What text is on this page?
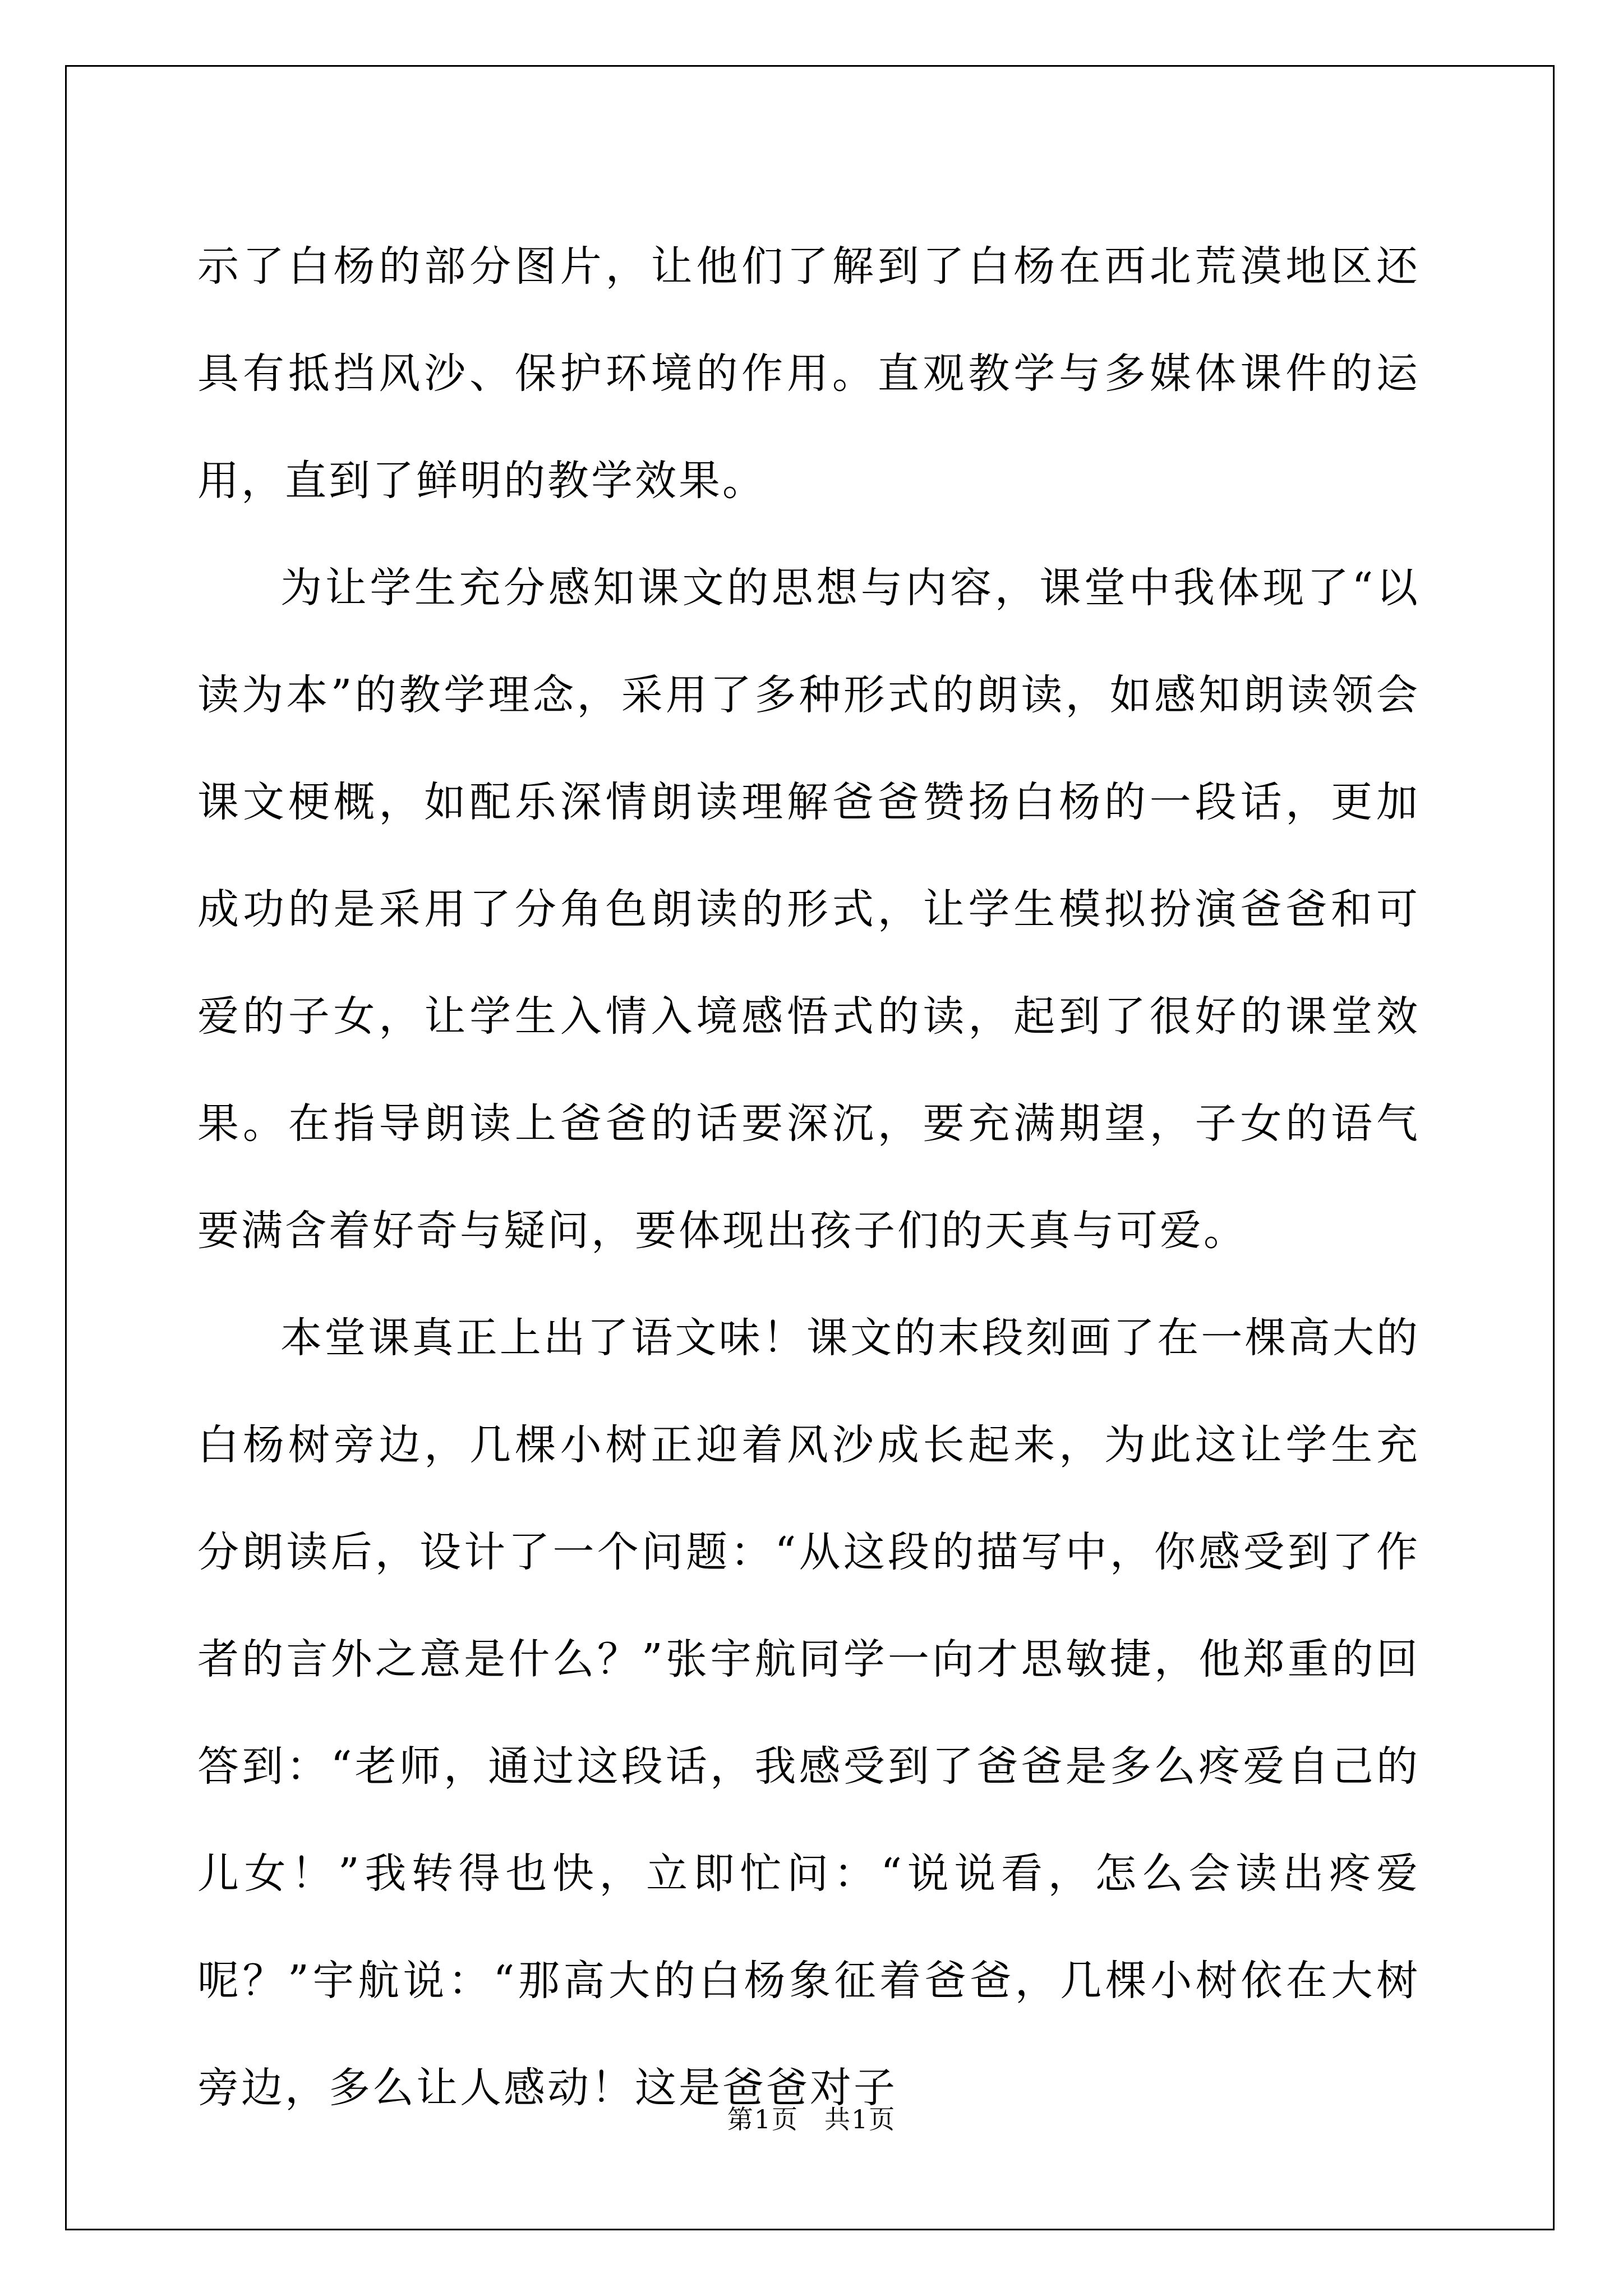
示了白杨的部分图片，让他们了解到了白杨在西北荒漠地区还具有抵挡风沙、保护环境的作用。直观教学与多媒体课件的运用，直到了鲜明的教学效果。

为让学生充分感知课文的思想与内容，课堂中我体现了“以读为本”的教学理念，采用了多种形式的朗读，如感知朗读领会课文梗概，如配乐深情朗读理解爸爸赞扬白杨的一段话，更加成功的是采用了分角色朗读的形式，让学生模拟扮演爸爸和可爱的子女，让学生入情入境感悟式的读，起到了很好的课堂效果。在指导朗读上爸爸的话要深沉，要充满期望，子女的语气要满含着好奇与疑问，要体现出孩子们的天真与可爱。

本堂课真正上出了语文味！课文的末段刻画了在一棵高大的白杨树旁边，几棵小树正迎着风沙成长起来，为此这让学生充分朗读后，设计了一个问题：“从这段的描写中，你感受到了作者的言外之意是什么？”张宇航同学一向才思敏捷，他郑重的回答到：“老师，通过这段话，我感受到了爸爸是多么疼爱自己的儿女！”我转得也快，立即忙问：“说说看，怎么会读出疼爱呢？”宇航说：“那高大的白杨象征着爸爸，几棵小树依在大树旁边，多么让人感动！这是爸爸对子

第1页 共1页
